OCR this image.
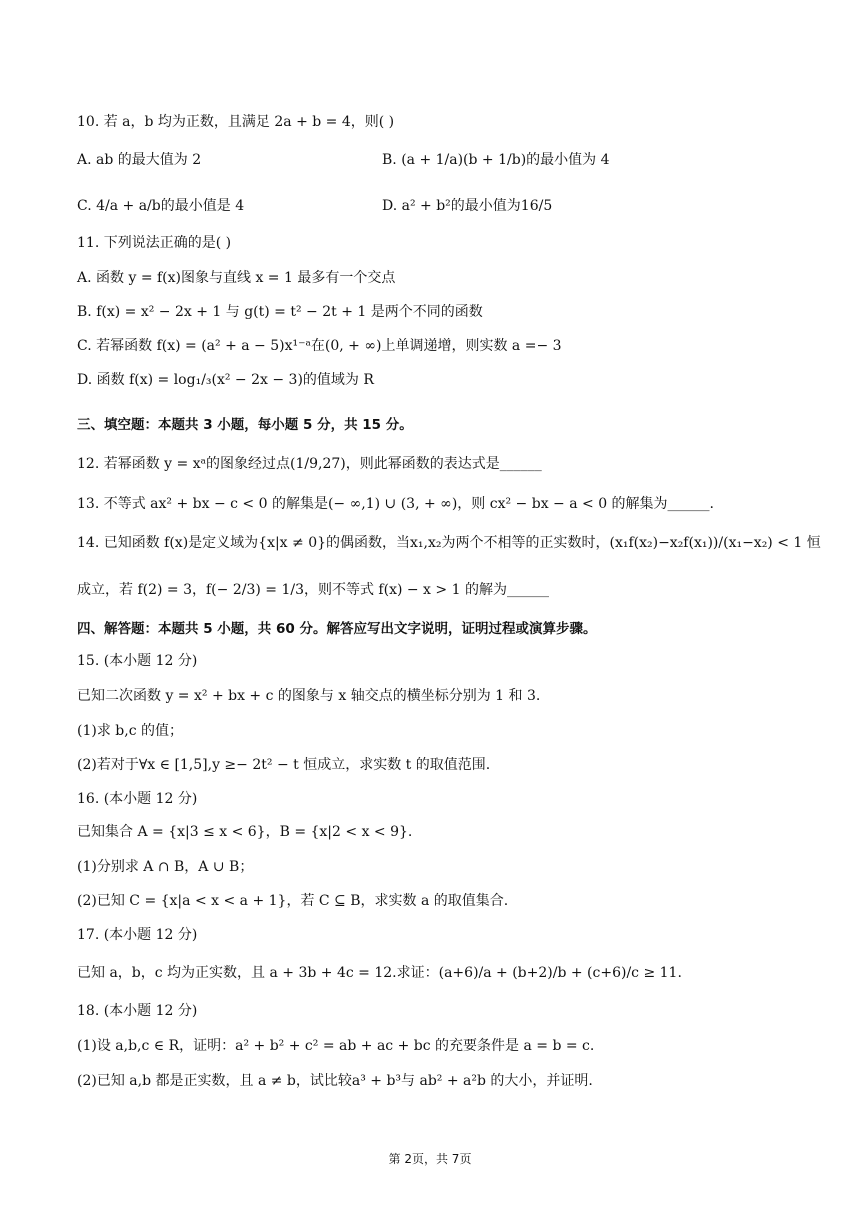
10. 若 a，b 均为正数，且满足 2a + b = 4，则( )
A. ab 的最大值为 2	B. (a + 1/a)(b + 1/b)的最小值为 4
C. 4/a + a/b的最小值是 4	D. a² + b²的最小值为16/5
11. 下列说法正确的是( )
A. 函数 y = f(x)图象与直线 x = 1 最多有一个交点
B. f(x) = x² − 2x + 1 与 g(t) = t² − 2t + 1 是两个不同的函数
C. 若幂函数 f(x) = (a² + a − 5)x¹⁻ᵃ在(0, + ∞)上单调递增，则实数 a =− 3
D. 函数 f(x) = log₁/₃(x² − 2x − 3)的值域为 R
三、填空题：本题共 3 小题，每小题 5 分，共 15 分。
12. 若幂函数 y = xᵃ的图象经过点(1/9,27)，则此幂函数的表达式是______
13. 不等式 ax² + bx − c < 0 的解集是(− ∞,1) ∪ (3, + ∞)，则 cx² − bx − a < 0 的解集为______.
14. 已知函数 f(x)是定义域为{x|x ≠ 0}的偶函数，当x₁,x₂为两个不相等的正实数时，(x₁f(x₂)−x₂f(x₁))/(x₁−x₂) < 1 恒
成立，若 f(2) = 3，f(− 2/3) = 1/3，则不等式 f(x) − x > 1 的解为______
四、解答题：本题共 5 小题，共 60 分。解答应写出文字说明，证明过程或演算步骤。
15. (本小题 12 分)
已知二次函数 y = x² + bx + c 的图象与 x 轴交点的横坐标分别为 1 和 3.
(1)求 b,c 的值；
(2)若对于∀x ∈ [1,5],y ≥− 2t² − t 恒成立，求实数 t 的取值范围.
16. (本小题 12 分)
已知集合 A = {x|3 ≤ x < 6}，B = {x|2 < x < 9}.
(1)分别求 A ∩ B，A ∪ B；
(2)已知 C = {x|a < x < a + 1}，若 C ⊆ B，求实数 a 的取值集合.
17. (本小题 12 分)
已知 a，b，c 均为正实数，且 a + 3b + 4c = 12.求证：(a+6)/a + (b+2)/b + (c+6)/c ≥ 11.
18. (本小题 12 分)
(1)设 a,b,c ∈ R，证明：a² + b² + c² = ab + ac + bc 的充要条件是 a = b = c.
(2)已知 a,b 都是正实数，且 a ≠ b，试比较a³ + b³与 ab² + a²b 的大小，并证明.
第 2页，共 7页
